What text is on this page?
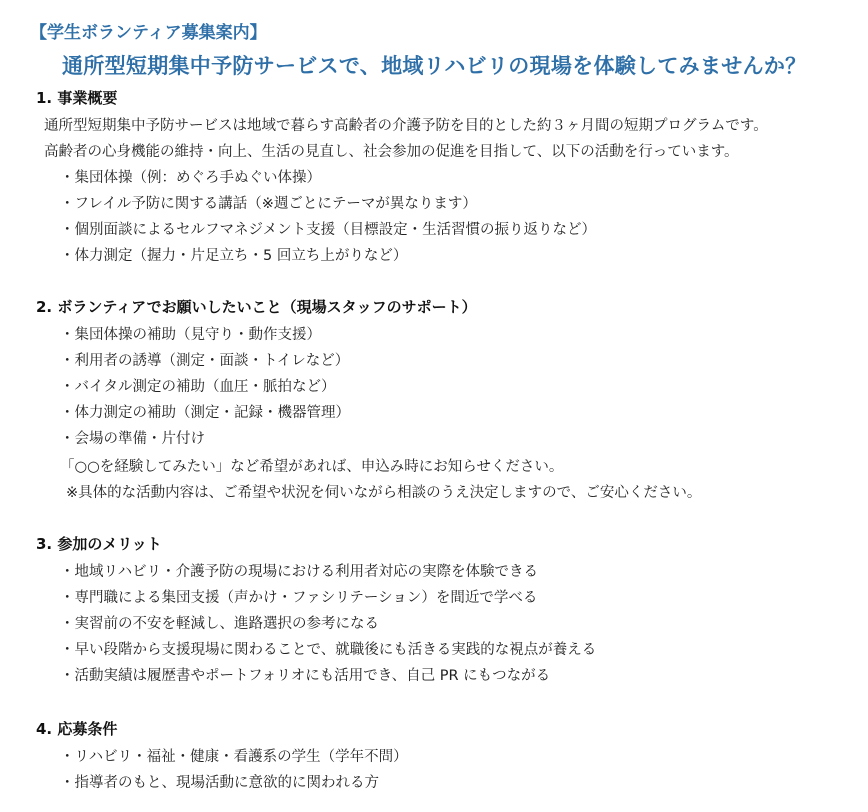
【学生ボランティア募集案内】
通所型短期集中予防サービスで、地域リハビリの現場を体験してみませんか？
1. 事業概要
通所型短期集中予防サービスは地域で暮らす高齢者の介護予防を目的とした約３ヶ月間の短期プログラムです。
高齢者の心身機能の維持・向上、生活の見直し、社会参加の促進を目指して、以下の活動を行っています。
・集団体操（例：めぐろ手ぬぐい体操）
・フレイル予防に関する講話（※週ごとにテーマが異なります）
・個別面談によるセルフマネジメント支援（目標設定・生活習慣の振り返りなど）
・体力測定（握力・片足立ち・5 回立ち上がりなど）
2. ボランティアでお願いしたいこと（現場スタッフのサポート）
・集団体操の補助（見守り・動作支援）
・利用者の誘導（測定・面談・トイレなど）
・バイタル測定の補助（血圧・脈拍など）
・体力測定の補助（測定・記録・機器管理）
・会場の準備・片付け
「○○を経験してみたい」など希望があれば、申込み時にお知らせください。
※具体的な活動内容は、ご希望や状況を伺いながら相談のうえ決定しますので、ご安心ください。
3. 参加のメリット
・地域リハビリ・介護予防の現場における利用者対応の実際を体験できる
・専門職による集団支援（声かけ・ファシリテーション）を間近で学べる
・実習前の不安を軽減し、進路選択の参考になる
・早い段階から支援現場に関わることで、就職後にも活きる実践的な視点が養える
・活動実績は履歴書やポートフォリオにも活用でき、自己 PR にもつながる
4. 応募条件
・リハビリ・福祉・健康・看護系の学生（学年不問）
・指導者のもと、現場活動に意欲的に関われる方
